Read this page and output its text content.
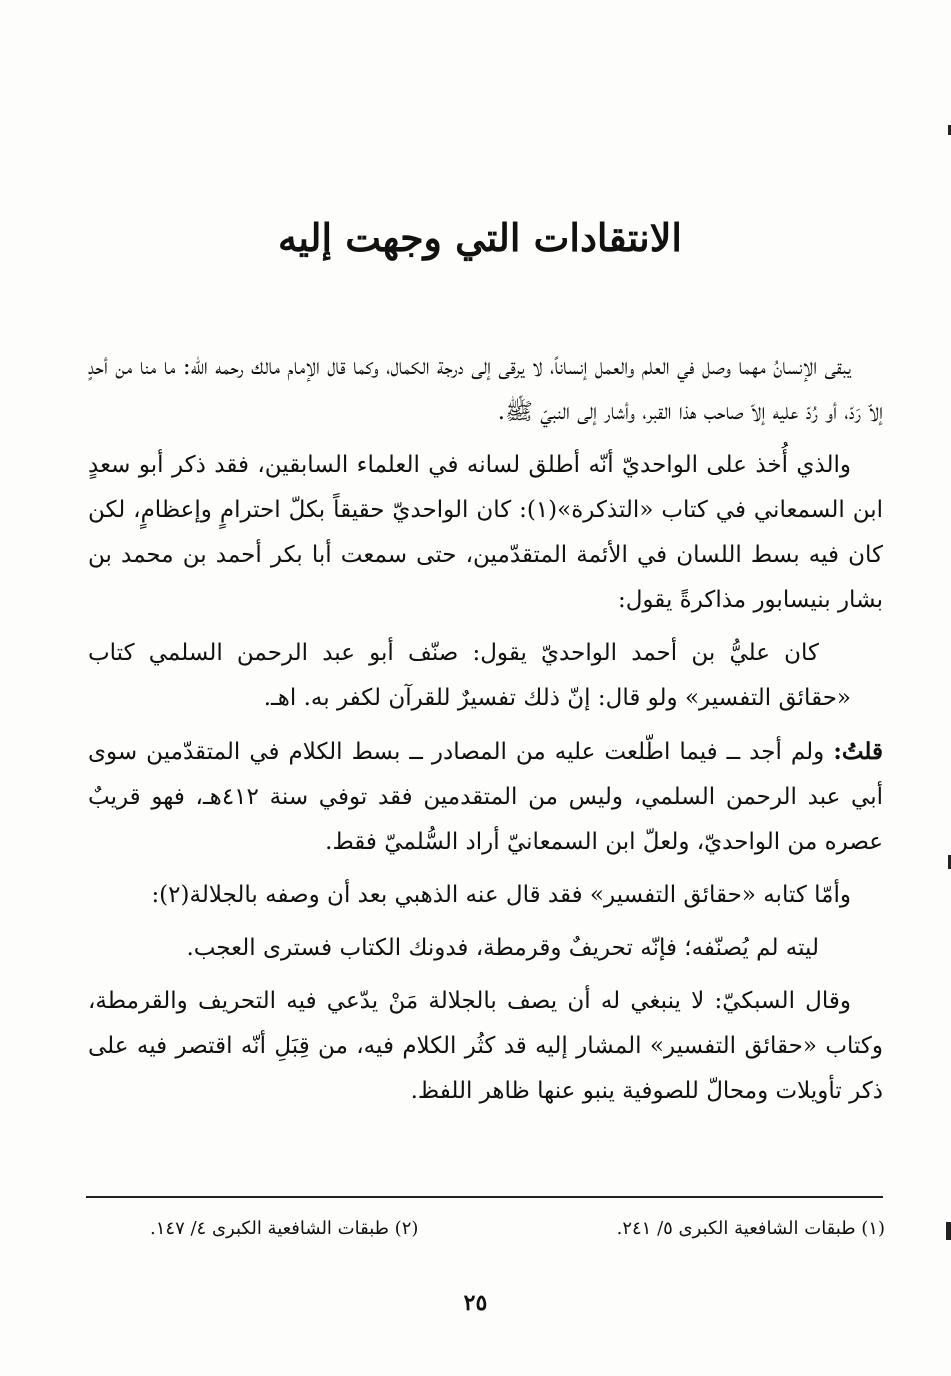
الانتقادات التي وجهت إليه

يبقى الإنسانُ مهما وصل في العلم والعمل إنساناً، لا يرقى إلى درجة الكمال، وكما قال الإمام مالك رحمه الله: ما منا من أحدٍ إلاّ رَدّ، أو رُدّ عليه إلاّ صاحب هذا القبر، وأشار إلى النبيّ ﷺ.

والذي أُخذ على الواحديّ أنّه أطلق لسانه في العلماء السابقين، فقد ذكر أبو سعدٍ ابن السمعاني في كتاب «التذكرة»(١): كان الواحديّ حقيقاً بكلّ احترامٍ وإعظامٍ، لكن كان فيه بسط اللسان في الأئمة المتقدّمين، حتى سمعت أبا بكر أحمد بن محمد بن بشار بنيسابور مذاكرةً يقول:

كان عليُّ بن أحمد الواحديّ يقول: صنّف أبو عبد الرحمن السلمي كتاب «حقائق التفسير» ولو قال: إنّ ذلك تفسيرٌ للقرآن لكفر به. اهـ.

قلتُ: ولم أجد ــ فيما اطّلعت عليه من المصادر ــ بسط الكلام في المتقدّمين سوى أبي عبد الرحمن السلمي، وليس من المتقدمين فقد توفي سنة ٤١٢هـ، فهو قريبٌ عصره من الواحديّ، ولعلّ ابن السمعانيّ أراد السُّلميّ فقط.

وأمّا كتابه «حقائق التفسير» فقد قال عنه الذهبي بعد أن وصفه بالجلالة(٢):

ليته لم يُصنّفه؛ فإنّه تحريفٌ وقرمطة، فدونك الكتاب فسترى العجب.

وقال السبكيّ: لا ينبغي له أن يصف بالجلالة مَنْ يدّعي فيه التحريف والقرمطة، وكتاب «حقائق التفسير» المشار إليه قد كثُر الكلام فيه، من قِبَلِ أنّه اقتصر فيه على ذكر تأويلات ومحالّ للصوفية ينبو عنها ظاهر اللفظ.

(١) طبقات الشافعية الكبرى ٥/ ٢٤١.
(٢) طبقات الشافعية الكبرى ٤/ ١٤٧.
٢٥
